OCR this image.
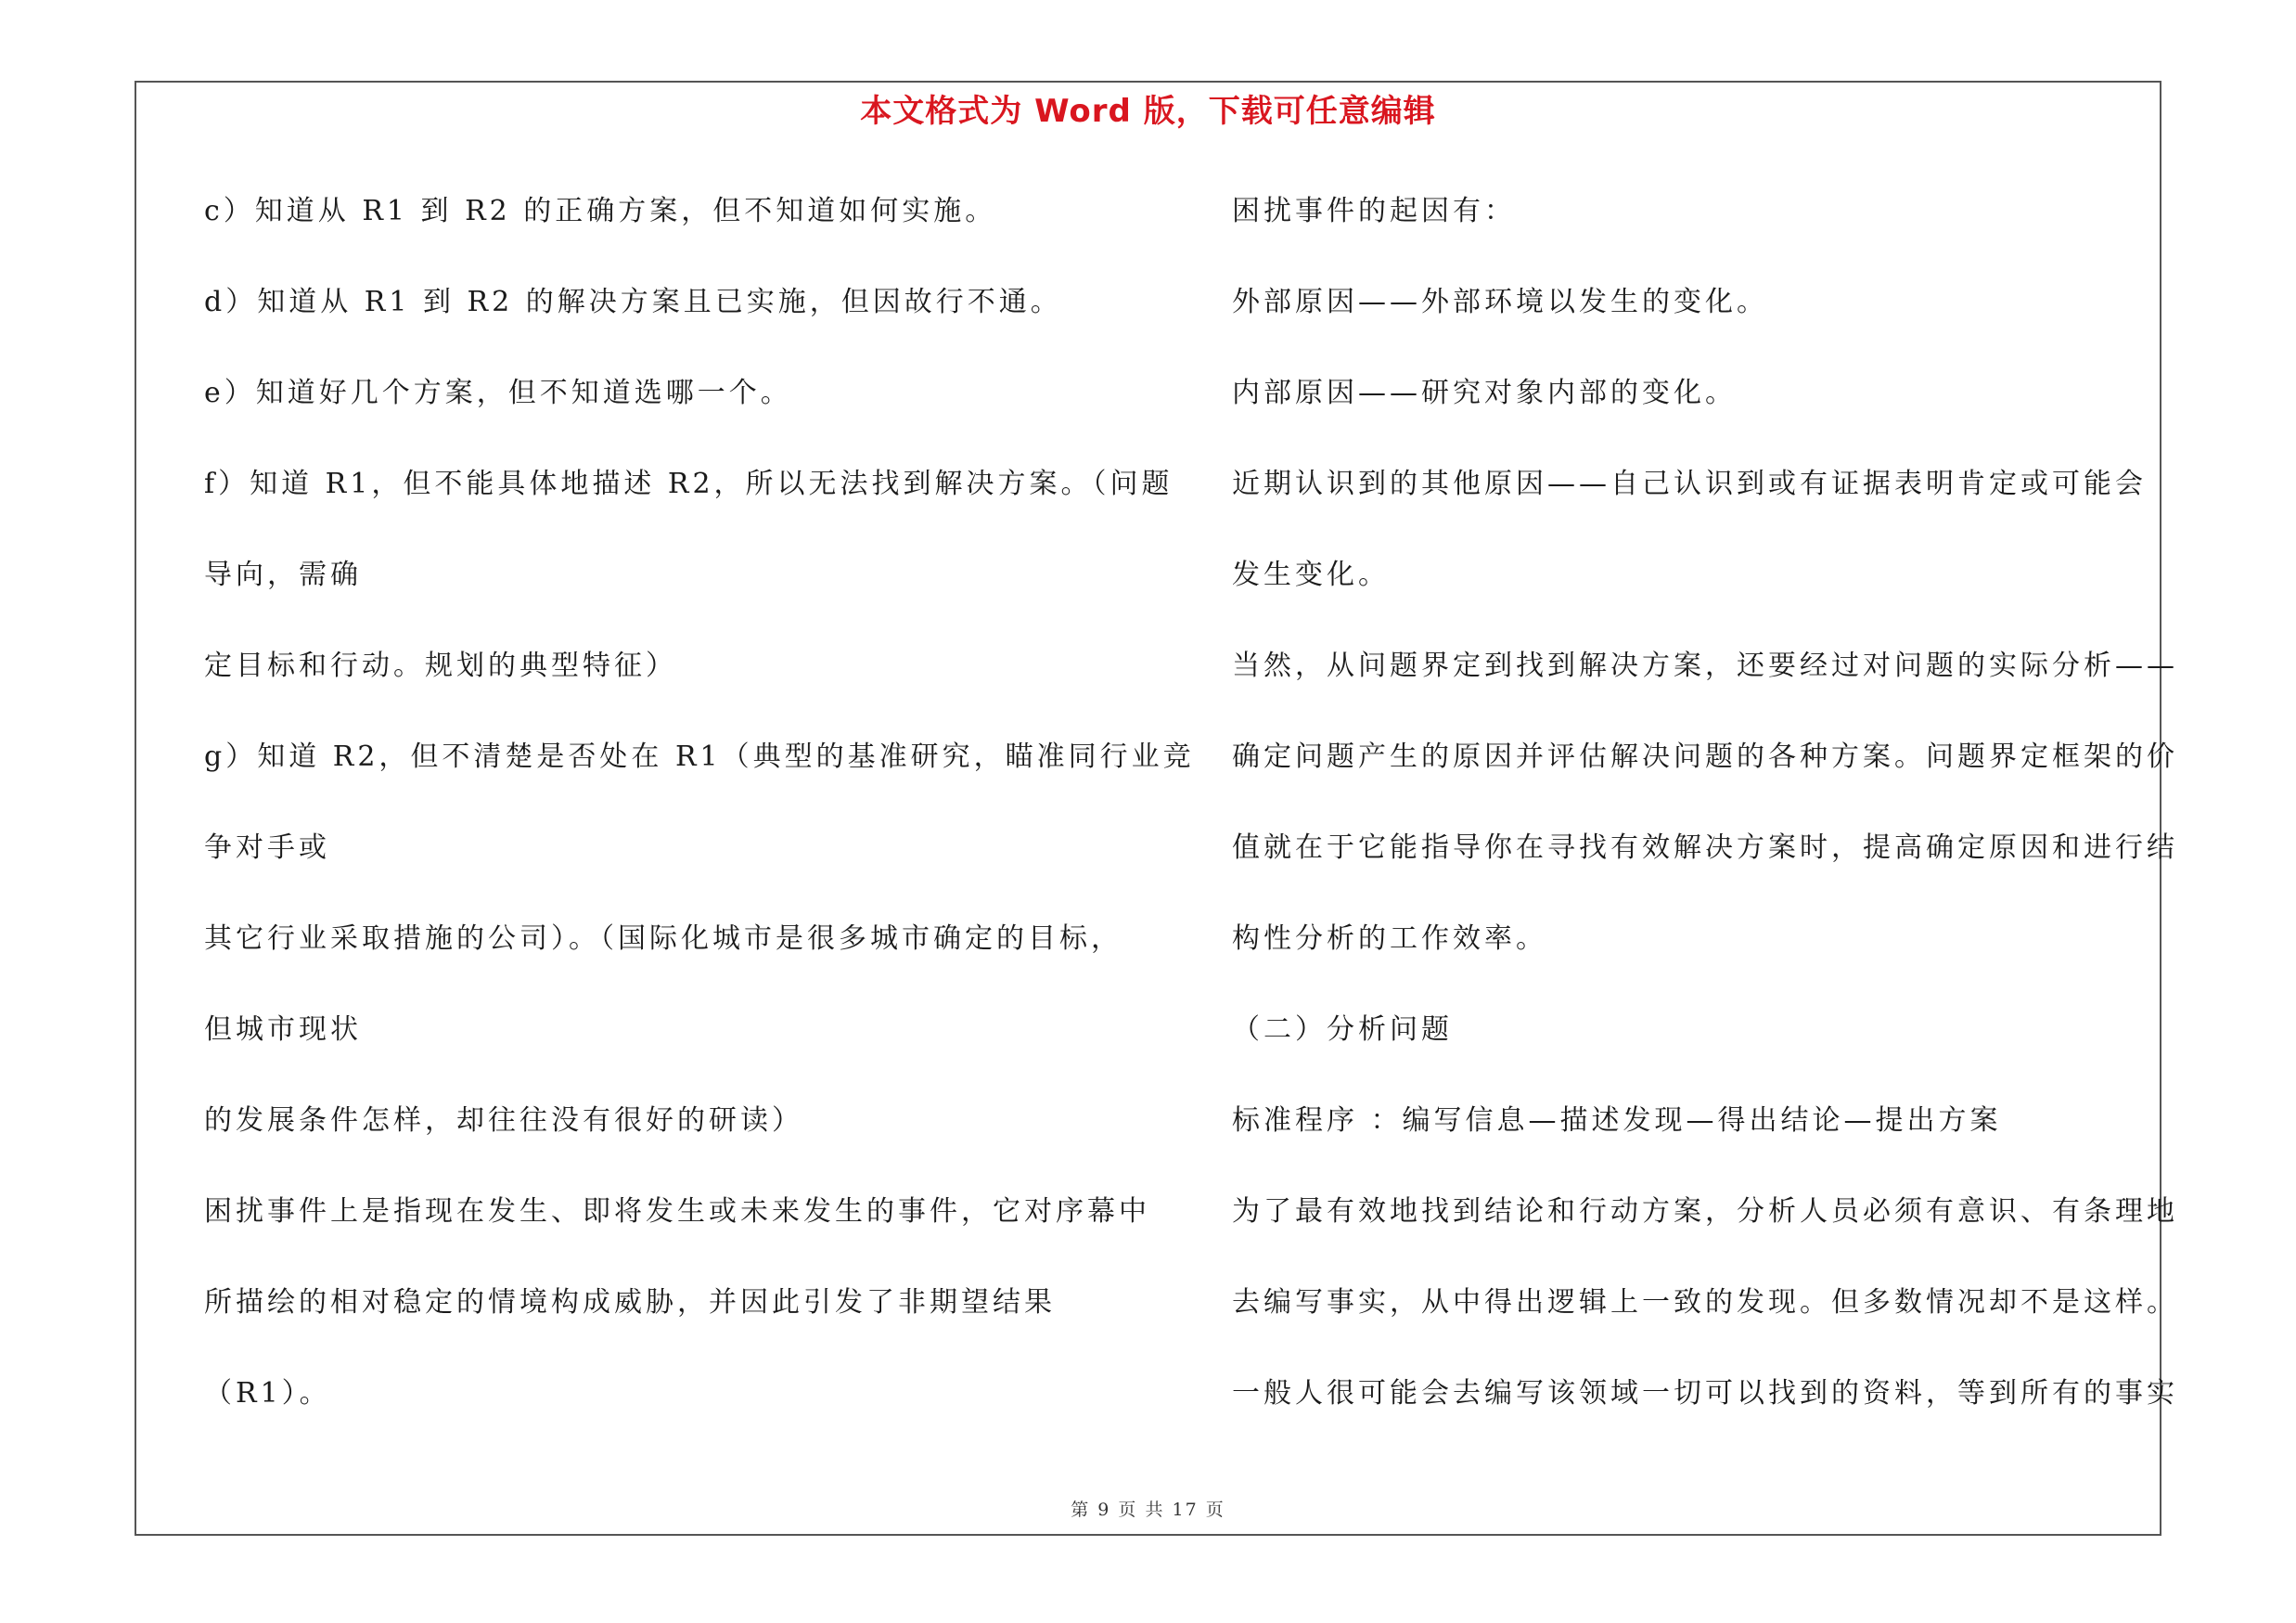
本文格式为 Word 版，下载可任意编辑
c）知道从 R1 到 R2 的正确方案，但不知道如何实施。
d）知道从 R1 到 R2 的解决方案且已实施，但因故行不通。
e）知道好几个方案，但不知道选哪一个。
f）知道 R1，但不能具体地描述 R2，所以无法找到解决方案。（问题
导向，需确
定目标和行动。规划的典型特征）
g）知道 R2，但不清楚是否处在 R1（典型的基准研究，瞄准同行业竞
争对手或
其它行业采取措施的公司）。（国际化城市是很多城市确定的目标，
但城市现状
的发展条件怎样，却往往没有很好的研读）
困扰事件上是指现在发生、即将发生或未来发生的事件，它对序幕中
所描绘的相对稳定的情境构成威胁，并因此引发了非期望结果
（R1）。
困扰事件的起因有：
外部原因——外部环境以发生的变化。
内部原因——研究对象内部的变化。
近期认识到的其他原因——自己认识到或有证据表明肯定或可能会
发生变化。
当然，从问题界定到找到解决方案，还要经过对问题的实际分析——
确定问题产生的原因并评估解决问题的各种方案。问题界定框架的价
值就在于它能指导你在寻找有效解决方案时，提高确定原因和进行结
构性分析的工作效率。
（二）分析问题
标准程序 ：编写信息—描述发现—得出结论—提出方案
为了最有效地找到结论和行动方案，分析人员必须有意识、有条理地
去编写事实，从中得出逻辑上一致的发现。但多数情况却不是这样。
一般人很可能会去编写该领域一切可以找到的资料，等到所有的事实
第 9 页 共 17 页
